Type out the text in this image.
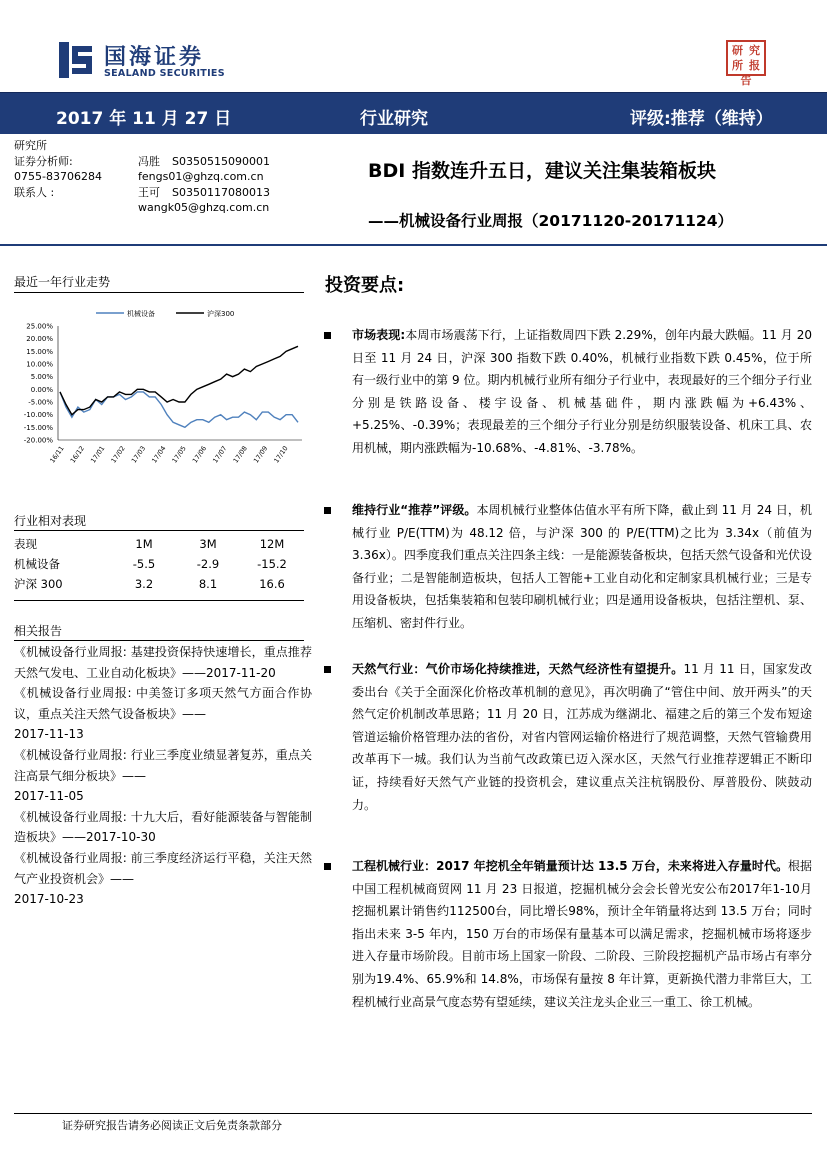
国海证券
SEALAND SECURITIES
研 究
所 报
告
2017 年 11 月 27 日	行业研究	评级:推荐（维持）
研究所
证券分析师:	冯胜 S0350515090001
0755-83706284	fengs01@ghzq.com.cn
联系人 :	王可 S0350117080013
wangk05@ghzq.com.cn
BDI 指数连升五日，建议关注集装箱板块
——机械设备行业周报（20171120-20171124）
最近一年行业走势
机械设备	沪深300
25.00%
20.00%
15.00%
10.00%
5.00%
0.00%
-5.00%
-10.00%
-15.00%
-20.00%
16/11 16/12 17/01 17/02 17/03 17/04 17/05 17/06 17/07 17/08 17/09 17/10
行业相对表现
表现	1M	3M	12M
机械设备	-5.5	-2.9	-15.2
沪深 300	3.2	8.1	16.6
相关报告
《机械设备行业周报: 基建投资保持快速增长，重点推荐天然气发电、工业自动化板块》——2017-11-20
《机械设备行业周报: 中美签订多项天然气方面合作协议，重点关注天然气设备板块》——
2017-11-13
《机械设备行业周报: 行业三季度业绩显著复苏，重点关注高景气细分板块》——
2017-11-05
《机械设备行业周报: 十九大后，看好能源装备与智能制造板块》——2017-10-30
《机械设备行业周报: 前三季度经济运行平稳，关注天然气产业投资机会》——
2017-10-23
投资要点:
市场表现:本周市场震荡下行，上证指数周四下跌 2.29%，创年内最大跌幅。11 月 20 日至 11 月 24 日，沪深 300 指数下跌 0.40%，机械行业指数下跌 0.45%，位于所有一级行业中的第 9 位。期内机械行业所有细分子行业中，表现最好的三个细分子行业分别是铁路设备、楼宇设备、机械基础件，期内涨跌幅为+6.43%、+5.25%、-0.39%；表现最差的三个细分子行业分别是纺织服装设备、机床工具、农用机械，期内涨跌幅为-10.68%、-4.81%、-3.78%。
维持行业“推荐”评级。本周机械行业整体估值水平有所下降，截止到 11 月 24 日，机械行业 P/E(TTM)为 48.12 倍，与沪深 300 的 P/E(TTM)之比为 3.34x（前值为 3.36x）。四季度我们重点关注四条主线：一是能源装备板块，包括天然气设备和光伏设备行业；二是智能制造板块，包括人工智能+工业自动化和定制家具机械行业；三是专用设备板块，包括集装箱和包装印刷机械行业；四是通用设备板块，包括注塑机、泵、压缩机、密封件行业。
天然气行业：气价市场化持续推进，天然气经济性有望提升。11 月 11 日，国家发改委出台《关于全面深化价格改革机制的意见》，再次明确了“管住中间、放开两头”的天然气定价机制改革思路；11 月 20 日，江苏成为继湖北、福建之后的第三个发布短途管道运输价格管理办法的省份，对省内管网运输价格进行了规范调整，天然气管输费用改革再下一城。我们认为当前气改政策已迈入深水区，天然气行业推荐逻辑正不断印证，持续看好天然气产业链的投资机会，建议重点关注杭锅股份、厚普股份、陕鼓动力。
工程机械行业：2017 年挖机全年销量预计达 13.5 万台，未来将进入存量时代。根据中国工程机械商贸网 11 月 23 日报道，挖掘机械分会会长曾光安公布2017年1-10月挖掘机累计销售约112500台，同比增长98%，预计全年销量将达到 13.5 万台；同时指出未来 3-5 年内，150 万台的市场保有量基本可以满足需求，挖掘机械市场将逐步进入存量市场阶段。目前市场上国家一阶段、二阶段、三阶段挖掘机产品市场占有率分别为19.4%、65.9%和 14.8%，市场保有量按 8 年计算，更新换代潜力非常巨大，工程机械行业高景气度态势有望延续，建议关注龙头企业三一重工、徐工机械。
证券研究报告请务必阅读正文后免责条款部分
